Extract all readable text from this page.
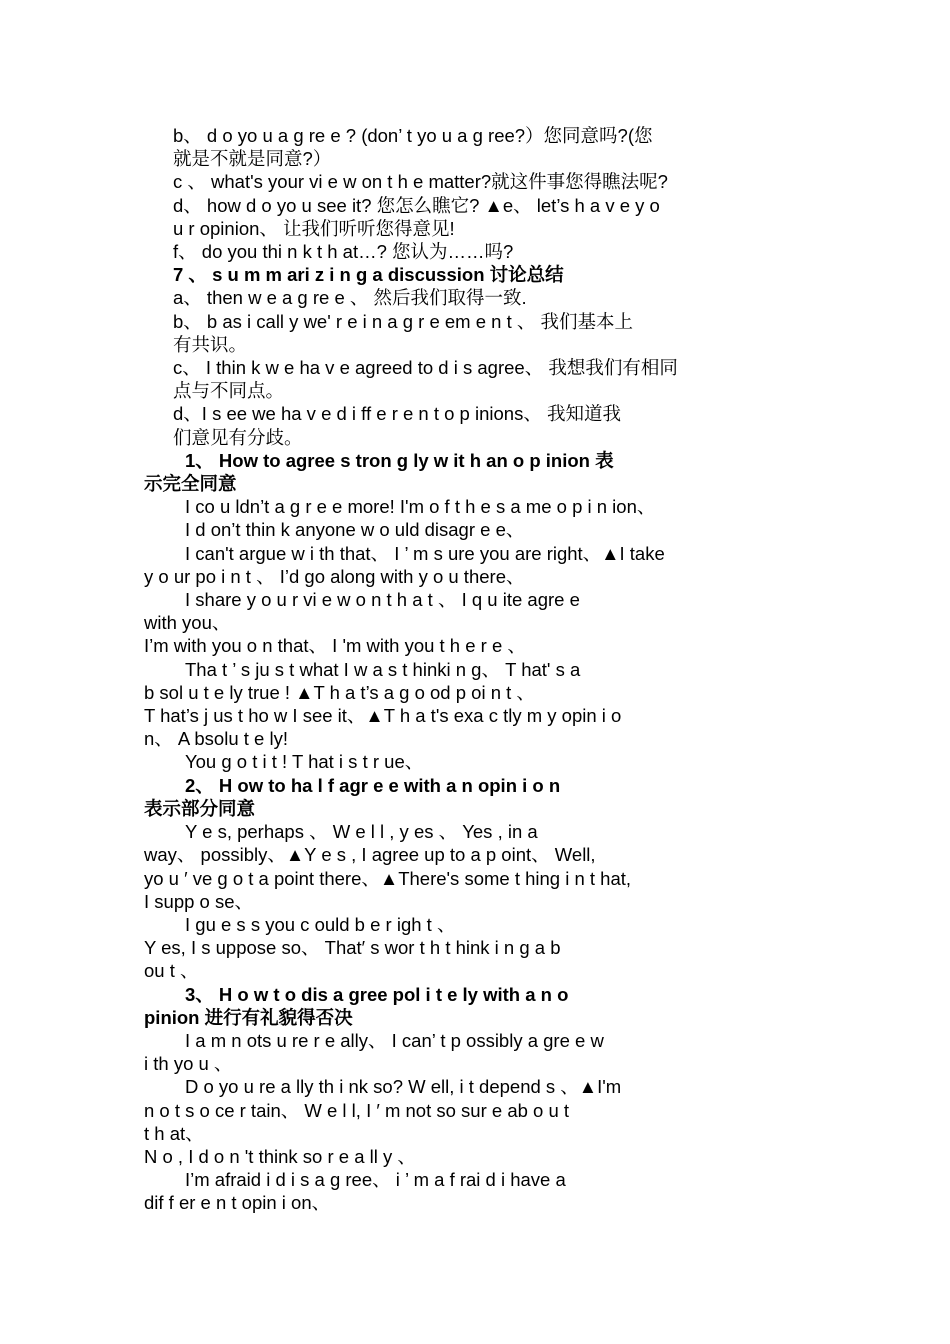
b、 d o yo u a g re e ? (don’ t yo u a g ree?）您同意吗?(您

就是不就是同意?）

c 、 what's your vi e w on t h e matter?就这件事您得瞧法呢?

d、 how d o yo u see it? 您怎么瞧它? ▲e、 let’s h a v e y o

u r opinion、 让我们听听您得意见!

f、 do you thi n k t h at…? 您认为……吗?

7 、 s u m m ari z i n g a discussion 讨论总结

a、 then w e a g re e 、 然后我们取得一致.

b、 b as i call y we' r e i n a g r e em e n t 、 我们基本上

有共识。

c、 I thin k w e ha v e agreed to d i s agree、 我想我们有相同

点与不同点。

d、I s ee we ha v e d i ff e r e n t o p inions、 我知道我

们意见有分歧。

1、 How to agree s tron g ly w it h an o p inion 表

示完全同意

I co u ldn’t a g r e e more! I'm o f t h e s a me o p i n ion、

I d on’t thin k anyone w o uld disagr e e、

I can't argue w i th that、 I ’ m s ure you are right、▲I take

y o ur po i n t 、 I’d go along with y o u there、

I share y o u r vi e w o n t h a t 、 I q u ite agre e

with you、

I’m with you o n that、 I 'm with you t h e r e 、

Tha t ’ s ju s t what I w a s t hinki n g、 T hat' s a

b sol u t e ly true ! ▲T h a t’s a g o od p oi n t 、

T hat’s j us t ho w I see it、▲T h a t's exa c tly m y opin i o

n、 A bsolu t e ly!

You g o t i t ! T hat i s t r ue、

2、 H ow to ha l f agr e e with a n opin i o n

表示部分同意

Y e s, perhaps 、 W e l l , y es 、 Yes , in a

way、 possibly、▲Y e s , I agree up to a p oint、 Well,

yo u ′ ve g o t a point there、▲There's some t hing i n t hat,

I supp o se、

I gu e s s you c ould b e r igh t 、

Y es, I s uppose so、 That′ s wor t h t hink i n g a b

ou t 、

3、 H o w t o dis a gree pol i t e ly with a n o

pinion 进行有礼貌得否决

I a m n ots u re r e ally、 I can’ t p ossibly a gre e w

i th yo u 、

D o yo u re a lly th i nk so? W ell, i t depend s 、▲I'm

n o t s o ce r tain、 W e l l, I ′ m not so sur e ab o u t

t h at、

N o , I d o n 't think so r e a ll y 、

I’m afraid i d i s a g ree、 i ’ m a f rai d i have a

dif f er e n t opin i on、
